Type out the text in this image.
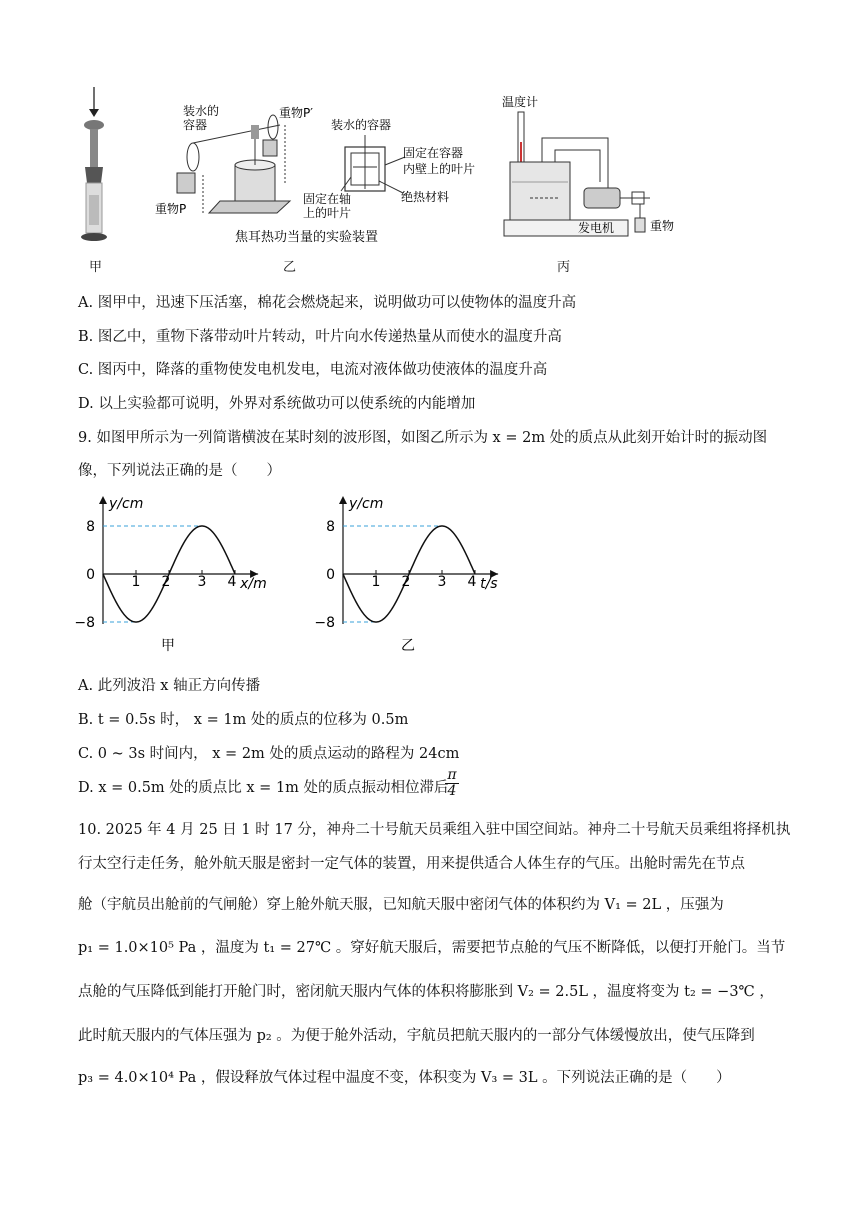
甲
装水的
容器
重物P′
重物P
装水的容器
固定在容器
内壁上的叶片
固定在轴
上的叶片
绝热材料
焦耳热功当量的实验装置
乙
温度计
发电机	重物
丙
A. 图甲中，迅速下压活塞，棉花会燃烧起来，说明做功可以使物体的温度升高
B. 图乙中，重物下落带动叶片转动，叶片向水传递热量从而使水的温度升高
C. 图丙中，降落的重物使发电机发电，电流对液体做功使液体的温度升高
D. 以上实验都可说明，外界对系统做功可以使系统的内能增加
9. 如图甲所示为一列简谐横波在某时刻的波形图，如图乙所示为 x = 2m 处的质点从此刻开始计时的振动图
像，下列说法正确的是（　　）
1 2 3 4
8
0
−8
x/m
y/cm
甲
1 2 3 4
8
0
−8
t/s
y/cm
乙
A. 此列波沿 x 轴正方向传播
B. t = 0.5s 时， x = 1m 处的质点的位移为 0.5m
C. 0 ~ 3s 时间内， x = 2m 处的质点运动的路程为 24cm
D. x = 0.5m 处的质点比 x = 1m 处的质点振动相位滞后
$\frac{\pi}{4}$
10. 2025 年 4 月 25 日 1 时 17 分，神舟二十号航天员乘组入驻中国空间站。神舟二十号航天员乘组将择机执
行太空行走任务，舱外航天服是密封一定气体的装置，用来提供适合人体生存的气压。出舱时需先在节点
舱（宇航员出舱前的气闸舱）穿上舱外航天服，已知航天服中密闭气体的体积约为 V₁ = 2L ，压强为
p₁ = 1.0×10⁵ Pa ，温度为 t₁ = 27℃ 。穿好航天服后，需要把节点舱的气压不断降低，以便打开舱门。当节
点舱的气压降低到能打开舱门时，密闭航天服内气体的体积将膨胀到 V₂ = 2.5L ，温度将变为 t₂ = −3℃ ，
此时航天服内的气体压强为 p₂ 。为便于舱外活动，宇航员把航天服内的一部分气体缓慢放出，使气压降到
p₃ = 4.0×10⁴ Pa ，假设释放气体过程中温度不变，体积变为 V₃ = 3L 。下列说法正确的是（　　）
